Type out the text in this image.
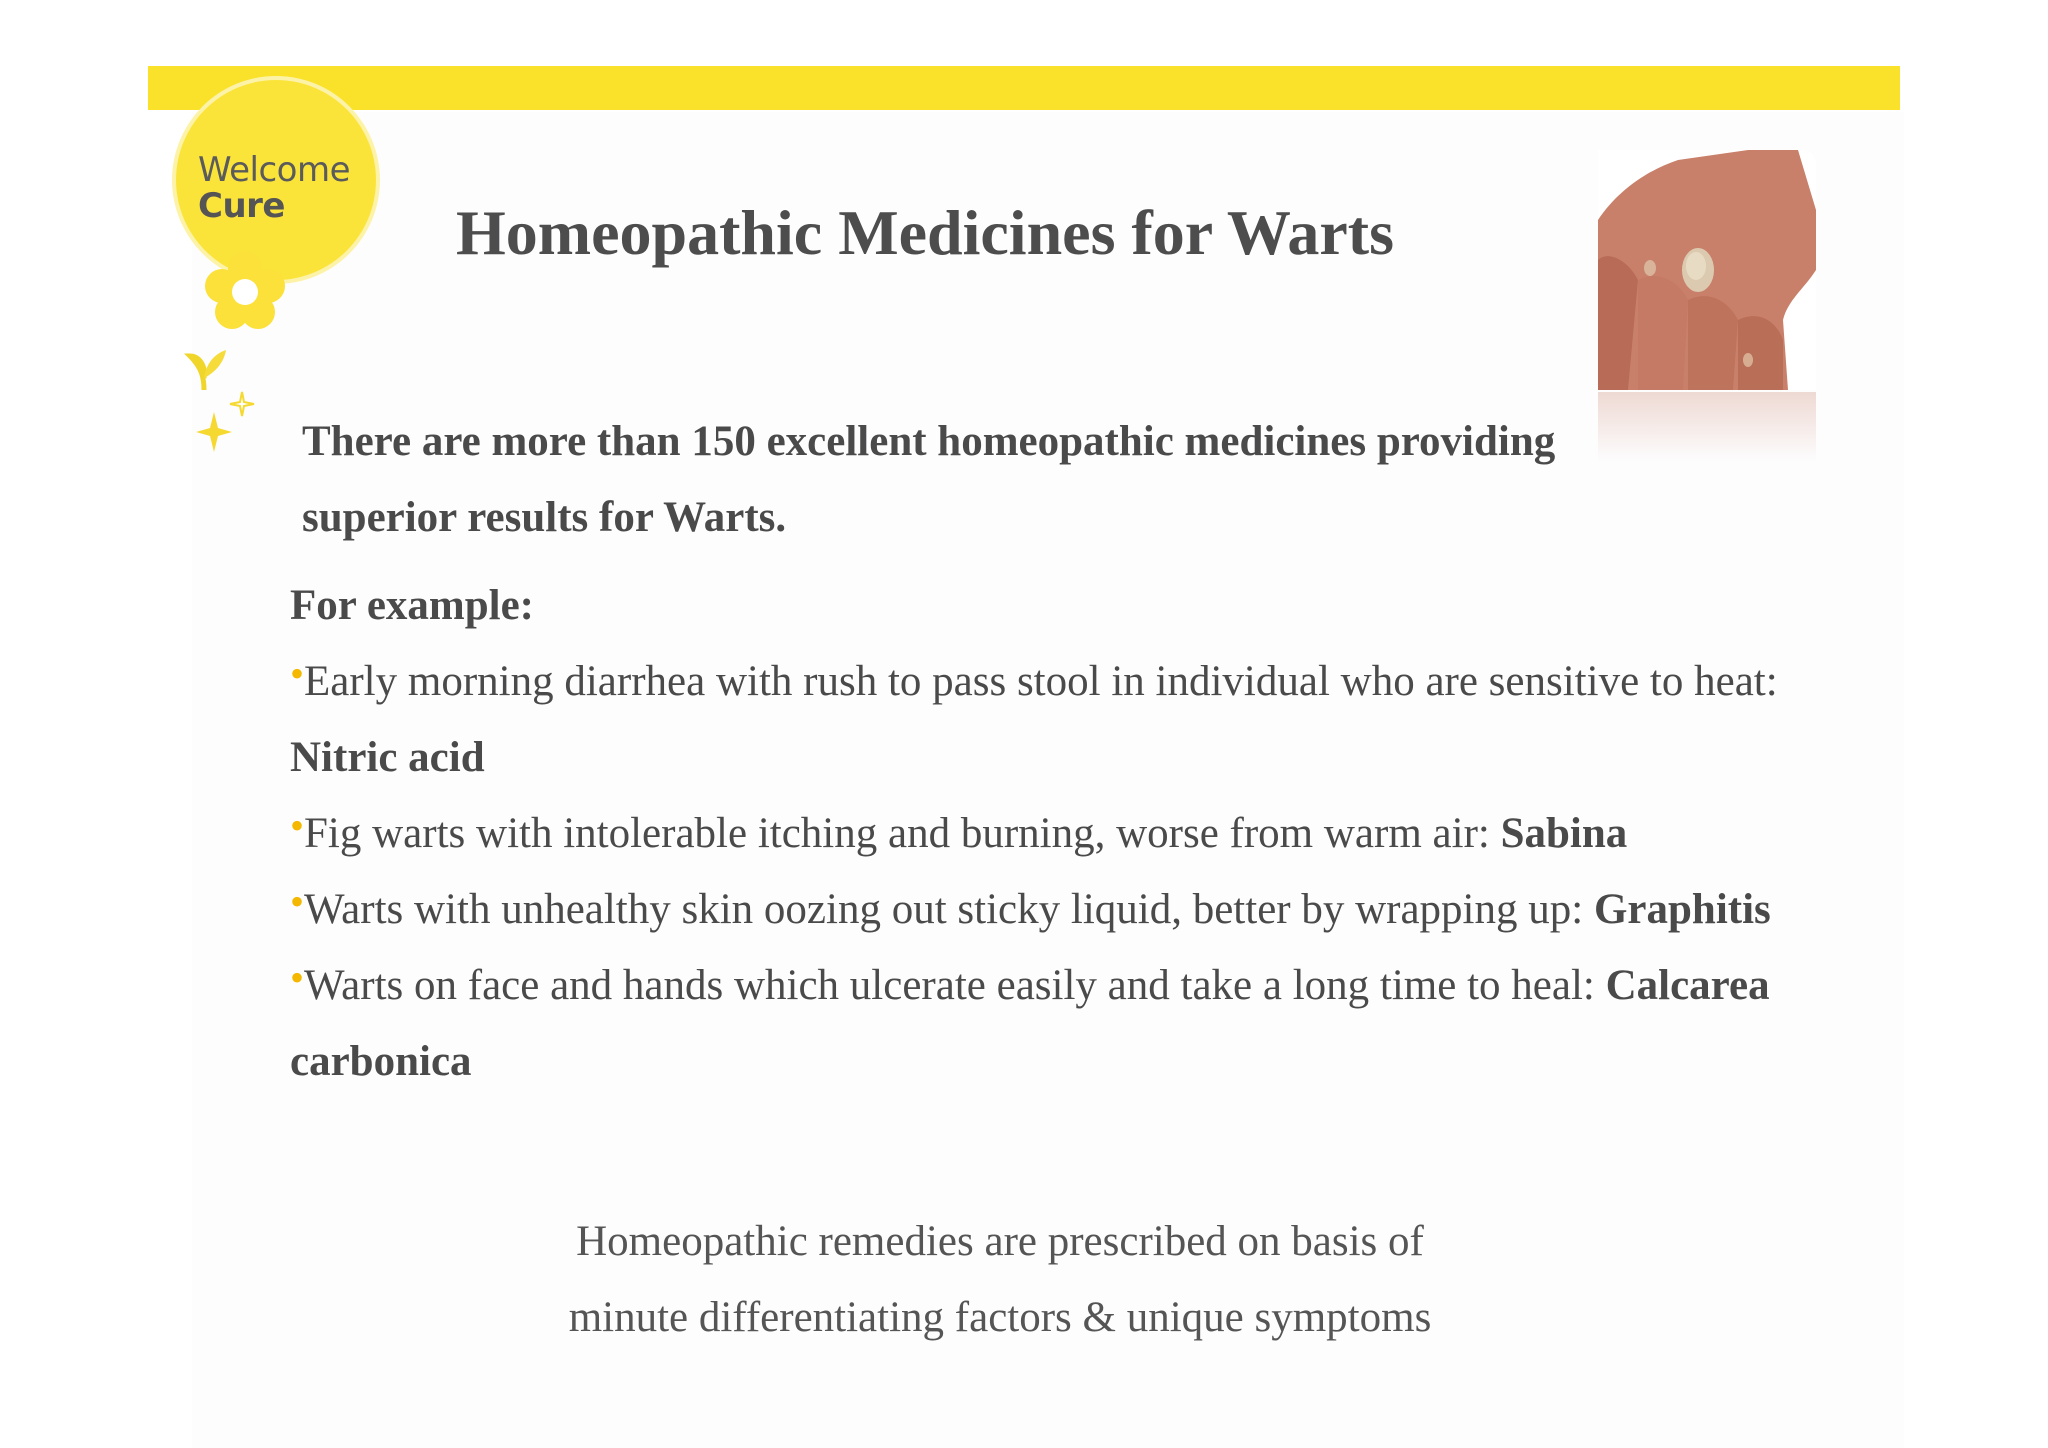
Welcome
Cure	Homeopathic Medicines for Warts

There are more than 150 excellent homeopathic medicines providing superior results for Warts.

For example:

•Early morning diarrhea with rush to pass stool in individual who are sensitive to heat: Nitric acid

•Fig warts with intolerable itching and burning, worse from warm air: Sabina

•Warts with unhealthy skin oozing out sticky liquid, better by wrapping up: Graphitis

•Warts on face and hands which ulcerate easily and take a long time to heal: Calcarea carbonica

Homeopathic remedies are prescribed on basis of
minute differentiating factors & unique symptoms
